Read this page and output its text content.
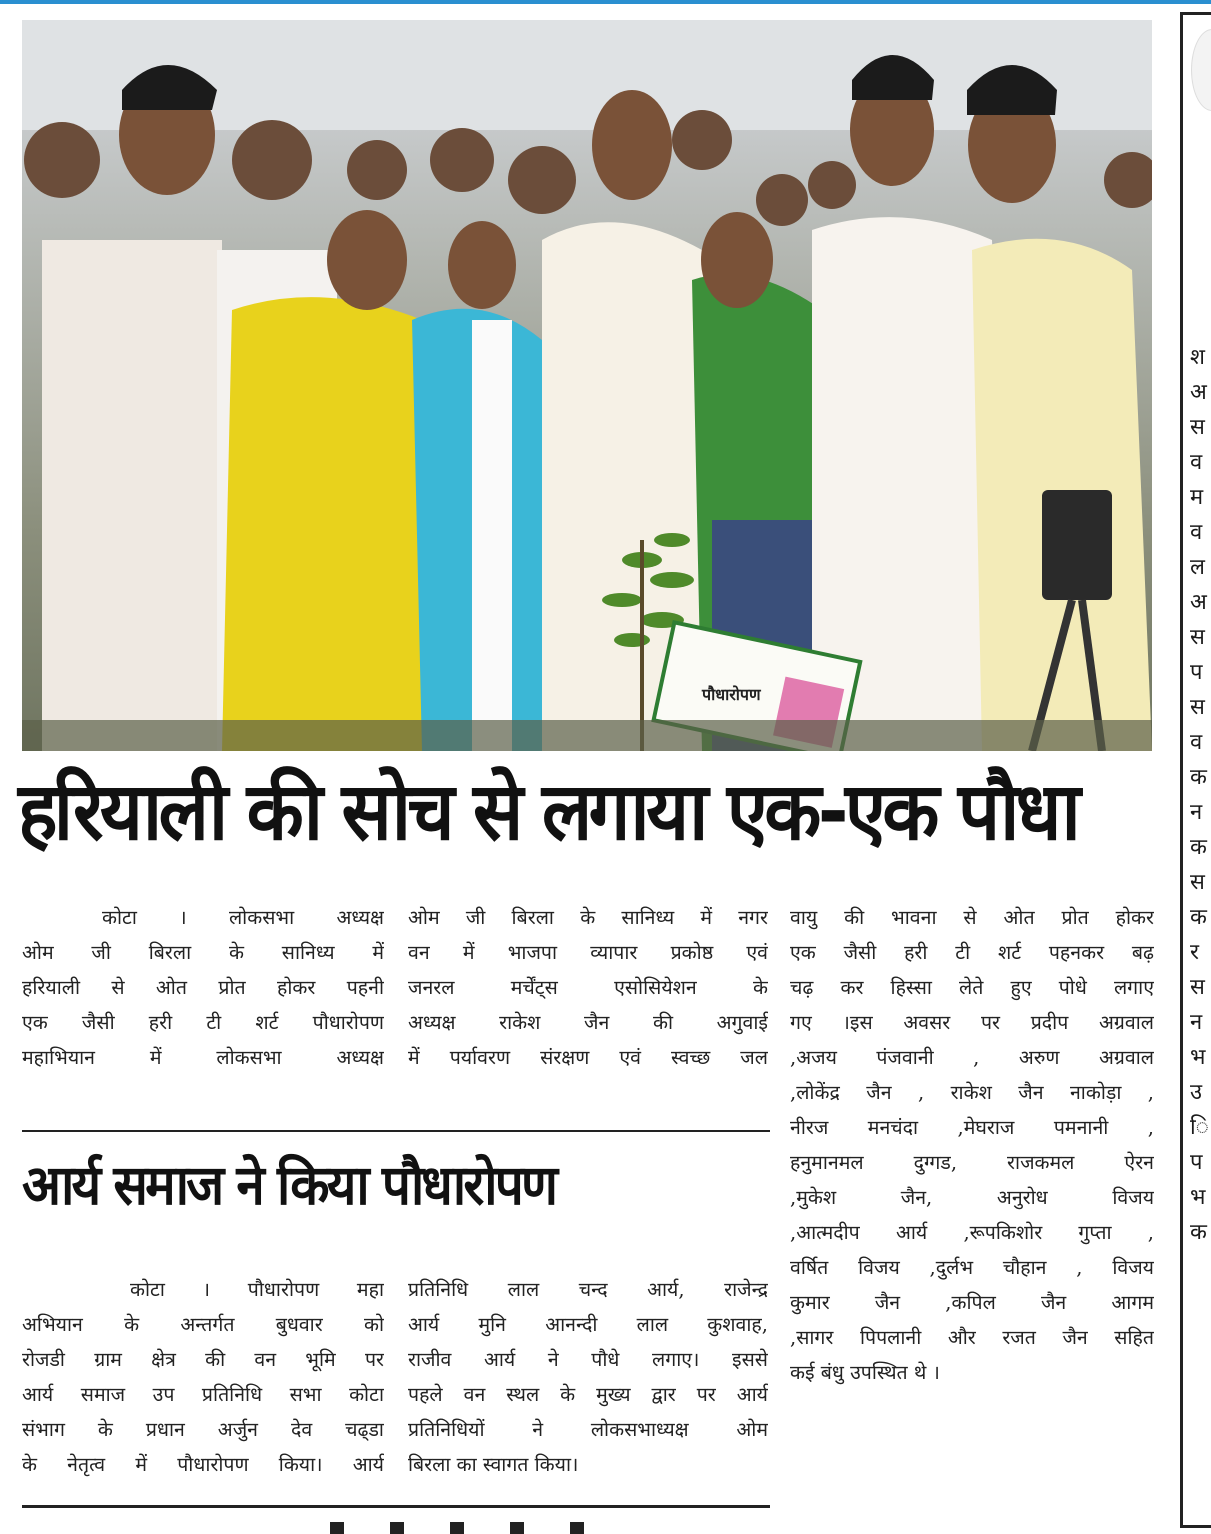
पौधारोपण
हरियाली की सोच से लगाया एक-एक पौधा

कोटा । लोकसभा अध्यक्ष

ओम जी बिरला के सानिध्य में

हरियाली से ओत प्रोत होकर पहनी

एक जैसी हरी टी शर्ट पौधारोपण

महाभियान में लोकसभा अध्यक्ष

ओम जी बिरला के सानिध्य में नगर

वन में भाजपा व्यापार प्रकोष्ठ एवं

जनरल मर्चेंट्स एसोसियेशन के

अध्यक्ष राकेश जैन की अगुवाई

में पर्यावरण संरक्षण एवं स्वच्छ जल

वायु की भावना से ओत प्रोत होकर

एक जैसी हरी टी शर्ट पहनकर बढ़

चढ़ कर हिस्सा लेते हुए पोधे लगाए

गए ।इस अवसर पर प्रदीप अग्रवाल

,अजय पंजवानी , अरुण अग्रवाल

,लोकेंद्र जैन , राकेश जैन नाकोड़ा ,

नीरज मनचंदा ,मेघराज पमनानी ,

हनुमानमल दुग्गड, राजकमल ऐरन

,मुकेश जैन, अनुरोध विजय

,आत्मदीप आर्य ,रूपकिशोर गुप्ता ,

वर्षित विजय ,दुर्लभ चौहान , विजय

कुमार जैन ,कपिल जैन आगम

,सागर पिपलानी और रजत जैन सहित

कई बंधु उपस्थित थे ।

आर्य समाज ने किया पौधारोपण

कोटा । पौधारोपण महा

अभियान के अन्तर्गत बुधवार को

रोजडी ग्राम क्षेत्र की वन भूमि पर

आर्य समाज उप प्रतिनिधि सभा कोटा

संभाग के प्रधान अर्जुन देव चढ्डा

के नेतृत्व में पौधारोपण किया। आर्य

प्रतिनिधि लाल चन्द आर्य, राजेन्द्र

आर्य मुनि आनन्दी लाल कुशवाह,

राजीव आर्य ने पौधे लगाए। इससे

पहले वन स्थल के मुख्य द्वार पर आर्य

प्रतिनिधियों ने लोकसभाध्यक्ष ओम

बिरला का स्वागत किया।

श
अ
स
व
म
व
ल
अ
स
प
स
व
क
न
क
स
क
र
स
न
भ
उ
ि
प
भ
क
